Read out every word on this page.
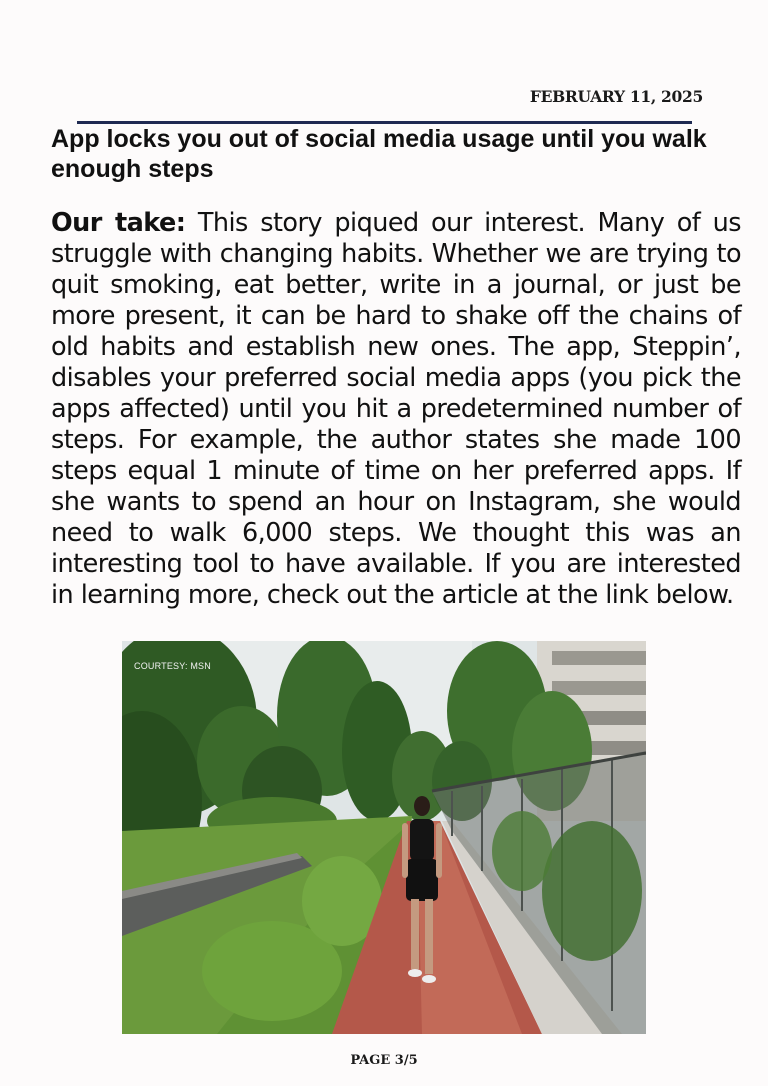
FEBRUARY 11, 2025
App locks you out of social media usage until you walk enough steps

Our take: This story piqued our interest. Many of us struggle with changing habits. Whether we are trying to quit smoking, eat better, write in a journal, or just be more present, it can be hard to shake off the chains of old habits and establish new ones. The app, Steppin’, disables your preferred social media apps (you pick the apps affected) until you hit a predetermined number of steps. For example, the author states she made 100 steps equal 1 minute of time on her preferred apps. If she wants to spend an hour on Instagram, she would need to walk 6,000 steps. We thought this was an interesting tool to have available. If you are interested in learning more, check out the article at the link below.

COURTESY: MSN
PAGE 3/5
